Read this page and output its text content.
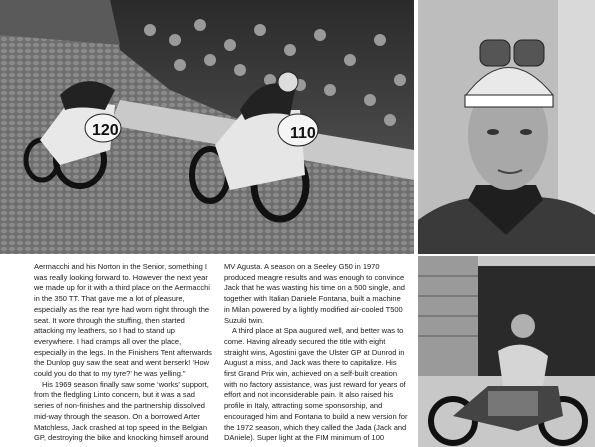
120	110

Aermacchi and his Norton in the Senior, something I was really looking forward to. However the next year we made up for it with a third place on the Aermacchi in the 350 TT. That gave me a lot of pleasure, especially as the rear tyre had worn right through the seat. It wore through the stuffing, then started attacking my leathers, so I had to stand up everywhere. I had cramps all over the place, especially in the legs. In the Finishers Tent afterwards the Dunlop guy saw the seat and went berserk! ‘How could you do that to my tyre?’ he was yelling.”

His 1969 season finally saw some ‘works’ support, from the fledgling Linto concern, but it was a sad series of non-finishes and the partnership dissolved mid-way through the season. On a borrowed Arter Matchless, Jack crashed at top speed in the Belgian GP, destroying the bike and knocking himself around

MV Agusta. A season on a Seeley G50 in 1970 produced meagre results and was enough to convince Jack that he was wasting his time on a 500 single, and together with Italian Daniele Fontana, built a machine in Milan powered by a lightly modified air-cooled T500 Suzuki twin.

A third place at Spa augured well, and better was to come. Having already secured the title with eight straight wins, Agostini gave the Ulster GP at Dunrod in August a miss, and Jack was there to capitalize. His first Grand Prix win, achieved on a self-built creation with no factory assistance, was just reward for years of effort and not inconsiderable pain. It also raised his profile in Italy, attracting some sponsorship, and encouraged him and Fontana to build a new version for the 1972 season, which they called the Jada (Jack and DAniele). Super light at the FIM minimum of 100
